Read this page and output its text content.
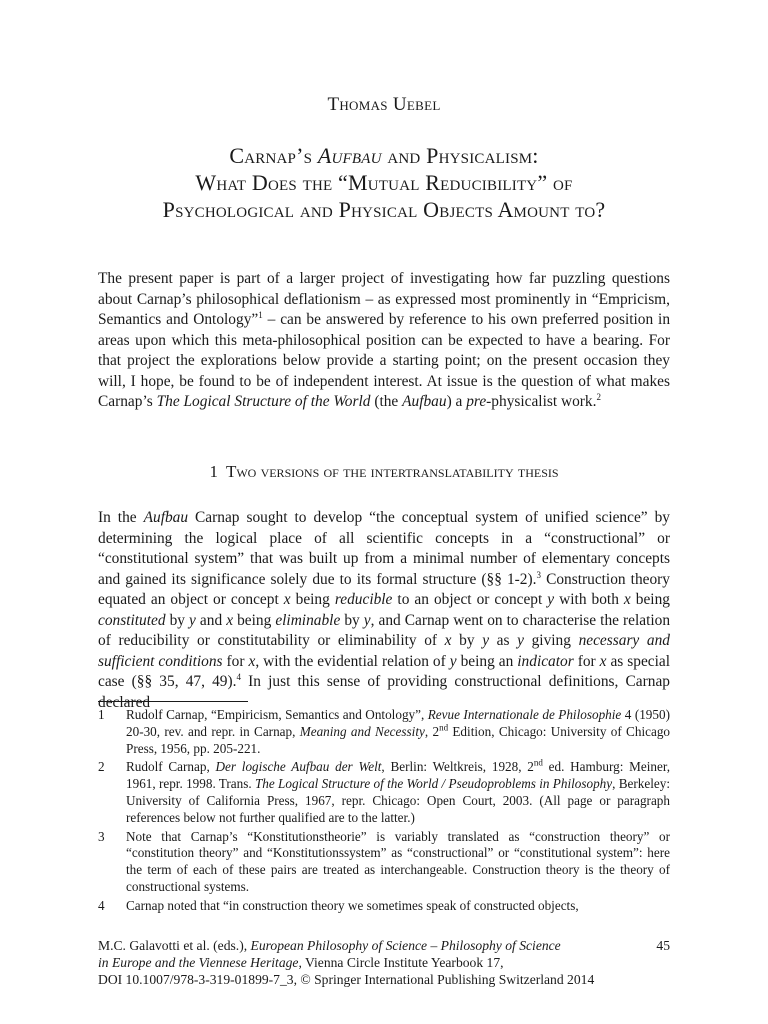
Thomas Uebel
Carnap’s Aufbau and Physicalism:
What Does the “Mutual Reducibility” of
Psychological and Physical Objects Amount to?

The present paper is part of a larger project of investigating how far puzzling questions about Carnap’s philosophical deflationism – as expressed most prominently in “Empricism, Semantics and Ontology”$^1$ – can be answered by reference to his own preferred position in areas upon which this meta-philosophical position can be expected to have a bearing. For that project the explorations below provide a starting point; on the present occasion they will, I hope, be found to be of independent interest. At issue is the question of what makes Carnap’s The Logical Structure of the World (the Aufbau) a pre-physicalist work.$^2$

1 Two versions of the intertranslatability thesis

In the Aufbau Carnap sought to develop “the conceptual system of unified science” by determining the logical place of all scientific concepts in a “constructional” or “constitutional system” that was built up from a minimal number of elementary concepts and gained its significance solely due to its formal structure (§§ 1-2).$^3$ Construction theory equated an object or concept x being reducible to an object or concept y with both x being constituted by y and x being eliminable by y, and Carnap went on to characterise the relation of reducibility or constitutability or eliminability of x by y as y giving necessary and sufficient conditions for x, with the evidential relation of y being an indicator for x as special case (§§ 35, 47, 49).$^4$ In just this sense of providing constructional definitions, Carnap declared

1	Rudolf Carnap, “Empiricism, Semantics and Ontology”, Revue Internationale de Philosophie 4 (1950) 20-30, rev. and repr. in Carnap, Meaning and Necessity, 2nd Edition, Chicago: University of Chicago Press, 1956, pp. 205-221.
2	Rudolf Carnap, Der logische Aufbau der Welt, Berlin: Weltkreis, 1928, 2nd ed. Hamburg: Meiner, 1961, repr. 1998. Trans. The Logical Structure of the World / Pseudoproblems in Philosophy, Berkeley: University of California Press, 1967, repr. Chicago: Open Court, 2003. (All page or paragraph references below not further qualified are to the latter.)
3	Note that Carnap’s “Konstitutionstheorie” is variably translated as “construction theory” or “constitution theory” and “Konstitutionssystem” as “constructional” or “constitutional system”: here the term of each of these pairs are treated as interchangeable. Construction theory is the theory of constructional systems.
4	Carnap noted that “in construction theory we sometimes speak of constructed objects,
M.C. Galavotti et al. (eds.), European Philosophy of Science – Philosophy of Science
in Europe and the Viennese Heritage, Vienna Circle Institute Yearbook 17,
DOI 10.1007/978-3-319-01899-7_3, © Springer International Publishing Switzerland 2014
45
